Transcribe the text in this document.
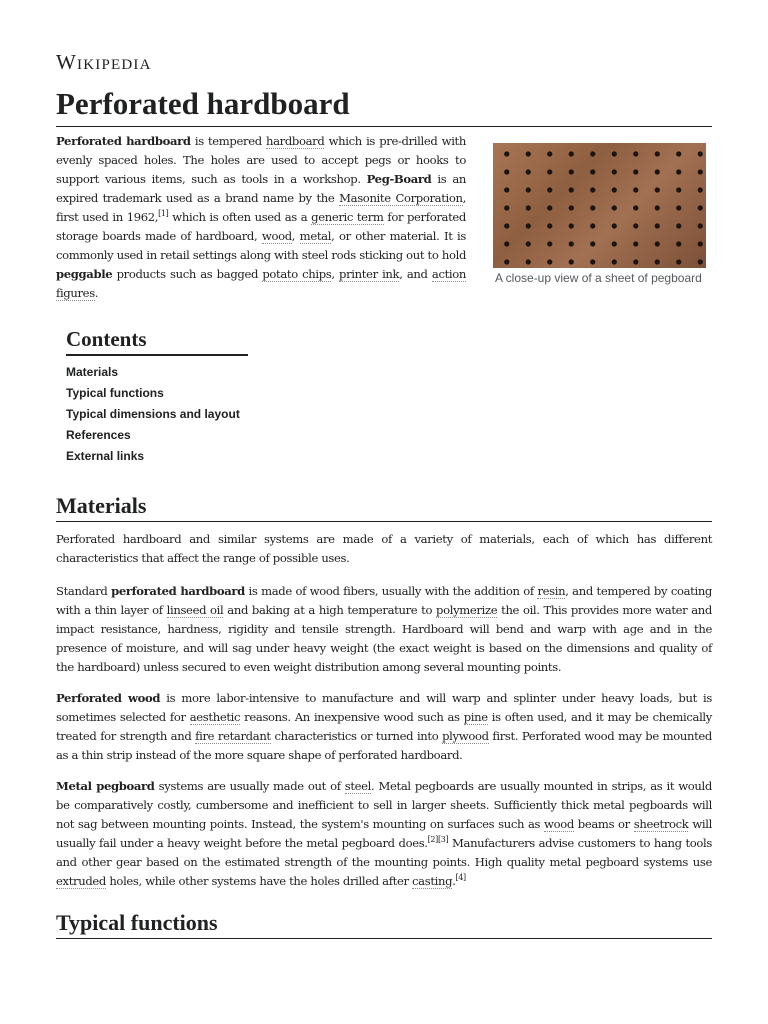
Wikipedia
Perforated hardboard

Perforated hardboard is tempered hardboard which is pre-drilled with evenly spaced holes. The holes are used to accept pegs or hooks to support various items, such as tools in a workshop. Peg-Board is an expired trademark used as a brand name by the Masonite Corporation, first used in 1962,[1] which is often used as a generic term for perforated storage boards made of hardboard, wood, metal, or other material. It is commonly used in retail settings along with steel rods sticking out to hold peggable products such as bagged potato chips, printer ink, and action figures.

A close-up view of a sheet of pegboard
Contents
Materials
Typical functions
Typical dimensions and layout
References
External links
Materials

Perforated hardboard and similar systems are made of a variety of materials, each of which has different characteristics that affect the range of possible uses.

Standard perforated hardboard is made of wood fibers, usually with the addition of resin, and tempered by coating with a thin layer of linseed oil and baking at a high temperature to polymerize the oil. This provides more water and impact resistance, hardness, rigidity and tensile strength. Hardboard will bend and warp with age and in the presence of moisture, and will sag under heavy weight (the exact weight is based on the dimensions and quality of the hardboard) unless secured to even weight distribution among several mounting points.

Perforated wood is more labor-intensive to manufacture and will warp and splinter under heavy loads, but is sometimes selected for aesthetic reasons. An inexpensive wood such as pine is often used, and it may be chemically treated for strength and fire retardant characteristics or turned into plywood first. Perforated wood may be mounted as a thin strip instead of the more square shape of perforated hardboard.

Metal pegboard systems are usually made out of steel. Metal pegboards are usually mounted in strips, as it would be comparatively costly, cumbersome and inefficient to sell in larger sheets. Sufficiently thick metal pegboards will not sag between mounting points. Instead, the system's mounting on surfaces such as wood beams or sheetrock will usually fail under a heavy weight before the metal pegboard does.[2][3] Manufacturers advise customers to hang tools and other gear based on the estimated strength of the mounting points. High quality metal pegboard systems use extruded holes, while other systems have the holes drilled after casting.[4]

Typical functions
